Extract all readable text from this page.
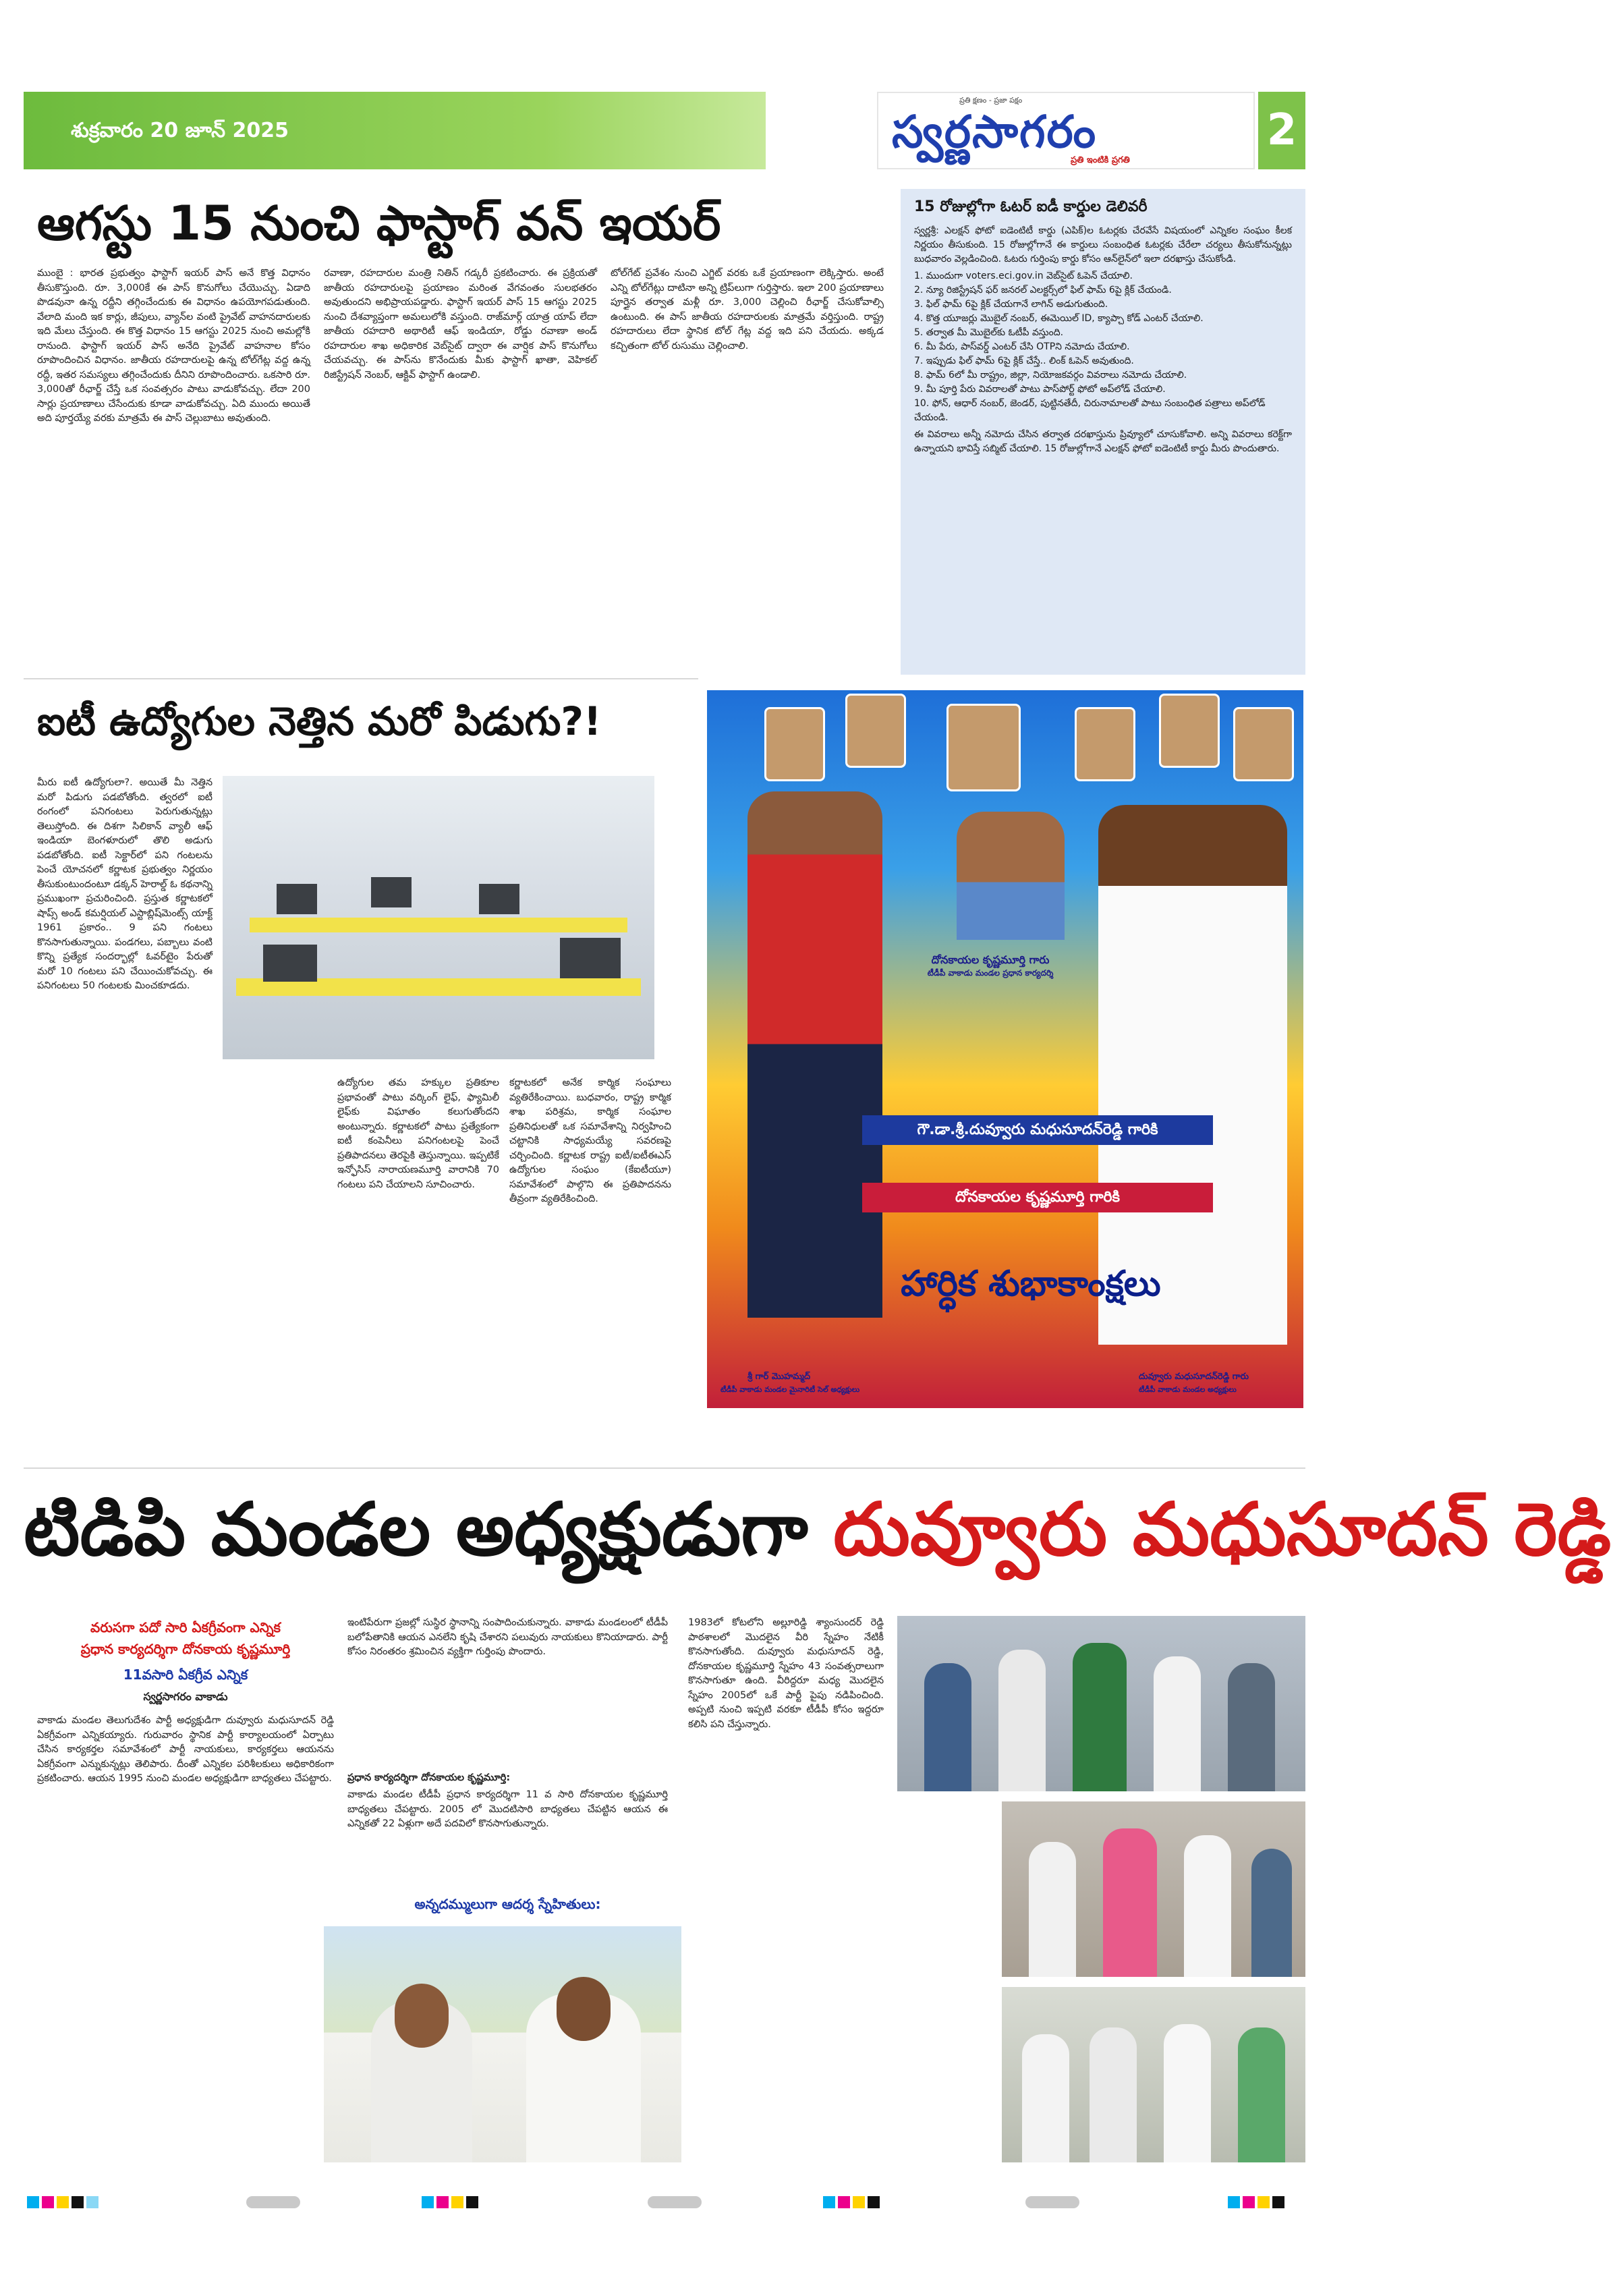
శుక్రవారం 20 జూన్ 2025
ప్రతి క్షణం - ప్రజా పక్షం
స్వర్ణసాగరం
ప్రతి ఇంటికి ప్రగతి
2
ఆగస్టు 15 నుంచి ఫాస్టాగ్ వన్ ఇయర్
ముంబై : భారత ప్రభుత్వం ఫాస్టాగ్ ఇయర్ పాస్ అనే కొత్త విధానం తీసుకొస్తుంది. రూ. 3,000కే ఈ పాస్ కొనుగోలు చేయొచ్చు. ఏడాది పొడవునా ఉన్న రద్దీని తగ్గించేందుకు ఈ విధానం ఉపయోగపడుతుంది. వేలాది మంది ఇక కార్లు, జీపులు, వ్యాన్‌ల వంటి ప్రైవేట్ వాహనదారులకు ఇది మేలు చేస్తుంది. ఈ కొత్త విధానం 15 ఆగస్టు 2025 నుంచి అమల్లోకి రానుంది. ఫాస్టాగ్ ఇయర్ పాస్ అనేది ప్రైవేట్ వాహనాల కోసం రూపొందించిన విధానం. జాతీయ రహదారులపై ఉన్న టోల్‌గేట్ల వద్ద ఉన్న రద్దీ, ఇతర సమస్యలు తగ్గించేందుకు దీనిని రూపొందించారు. ఒకసారి రూ. 3,000తో రీఛార్జ్ చేస్తే ఒక సంవత్సరం పాటు వాడుకోవచ్చు. లేదా 200 సార్లు ప్రయాణాలు చేసేందుకు కూడా వాడుకోవచ్చు. ఏది ముందు అయితే అది పూర్తయ్యే వరకు మాత్రమే ఈ పాస్ చెల్లుబాటు అవుతుంది.
రవాణా, రహదారుల మంత్రి నితిన్ గడ్కరీ ప్రకటించారు. ఈ ప్రక్రియతో జాతీయ రహదారులపై ప్రయాణం మరింత వేగవంతం సులభతరం అవుతుందని అభిప్రాయపడ్డారు. ఫాస్టాగ్ ఇయర్ పాస్ 15 ఆగస్టు 2025 నుంచి దేశవ్యాప్తంగా అమలులోకి వస్తుంది. రాజ్‌మార్గ్ యాత్ర యాప్ లేదా జాతీయ రహదారి అథారిటీ ఆఫ్ ఇండియా, రోడ్డు రవాణా అండ్ రహదారుల శాఖ అధికారిక వెబ్‌సైట్ ద్వారా ఈ వార్షిక పాస్ కొనుగోలు చేయవచ్చు. ఈ పాస్‌ను కొనేందుకు మీకు ఫాస్టాగ్ ఖాతా, వెహికల్ రిజిస్ట్రేషన్ నెంబర్, ఆక్టివ్ ఫాస్టాగ్ ఉండాలి.
టోల్‌గేట్ ప్రవేశం నుంచి ఎగ్జిట్ వరకు ఒకే ప్రయాణంగా లెక్కిస్తారు. అంటే ఎన్ని టోల్‌గేట్లు దాటినా అన్ని ట్రిప్‌లుగా గుర్తిస్తారు. ఇలా 200 ప్రయాణాలు పూర్తైన తర్వాత మళ్లీ రూ. 3,000 చెల్లించి రీఛార్జ్ చేసుకోవాల్సి ఉంటుంది. ఈ పాస్ జాతీయ రహదారులకు మాత్రమే వర్తిస్తుంది. రాష్ట్ర రహదారులు లేదా స్థానిక టోల్ గేట్ల వద్ద ఇది పని చేయదు. అక్కడ కచ్చితంగా టోల్ రుసుము చెల్లించాలి.
15 రోజుల్లోగా ఓటర్ ఐడీ కార్డుల డెలివరీ
స్వర్ణశ్రీ: ఎలక్షన్ ఫోటో ఐడెంటిటీ కార్డు (ఎపిక్)ల ఓటర్లకు చేరవేసే విషయంలో ఎన్నికల సంఘం కీలక నిర్ణయం తీసుకుంది. 15 రోజుల్లోగానే ఈ కార్డులు సంబంధిత ఓటర్లకు చేరేలా చర్యలు తీసుకోనున్నట్లు బుధవారం వెల్లడించింది. ఓటరు గుర్తింపు కార్డు కోసం ఆన్‌లైన్‌లో ఇలా దరఖాస్తు చేసుకోండి.
1. ముందుగా voters.eci.gov.in వెబ్‌సైట్ ఓపెన్ చేయాలి.
2. న్యూ రిజిస్ట్రేషన్ ఫర్ జనరల్ ఎలక్టర్స్‌లో ఫిల్ ఫామ్ 6పై క్లిక్ చేయండి.
3. ఫిల్ ఫామ్ 6పై క్లిక్ చేయగానే లాగిన్ అడుగుతుంది.
4. కొత్త యూజర్లు మొబైల్ నంబర్, ఈమెయిల్ ID, క్యాప్చా కోడ్ ఎంటర్ చేయాలి.
5. తర్వాత మీ మొబైల్‌కు ఓటీపీ వస్తుంది.
6. మీ పేరు, పాస్‌వర్డ్ ఎంటర్ చేసి OTPని నమోదు చేయాలి.
7. ఇప్పుడు ఫిల్ ఫామ్ 6పై క్లిక్ చేస్తే.. లింక్ ఓపెన్ అవుతుంది.
8. ఫామ్ 6లో మీ రాష్ట్రం, జిల్లా, నియోజకవర్గం వివరాలు నమోదు చేయాలి.
9. మీ పూర్తి పేరు వివరాలతో పాటు పాస్‌పోర్ట్ ఫోటో అప్‌లోడ్ చేయాలి.
10. ఫోన్, ఆధార్ నంబర్, జెండర్, పుట్టినతేదీ, చిరునామాలతో పాటు సంబంధిత పత్రాలు అప్‌లోడ్ చేయండి.
ఈ వివరాలు అన్నీ నమోదు చేసిన తర్వాత దరఖాస్తును ప్రివ్యూలో చూసుకోవాలి. అన్ని వివరాలు కరెక్ట్‌గా ఉన్నాయని భావిస్తే సబ్మిట్ చేయాలి. 15 రోజుల్లోగానే ఎలక్షన్ ఫోటో ఐడెంటిటీ కార్డు మీరు పొందుతారు.
ఐటీ ఉద్యోగుల నెత్తిన మరో పిడుగు?!
మీరు ఐటీ ఉద్యోగులా?. అయితే మీ నెత్తిన మరో పిడుగు పడబోతోంది. త్వరలో ఐటీ రంగంలో పనిగంటలు పెరుగుతున్నట్లు తెలుస్తోంది. ఈ దిశగా సిలికాన్ వ్యాలీ ఆఫ్ ఇండియా బెంగళూరులో తొలి అడుగు పడబోతోంది. ఐటీ సెక్టార్‌లో పని గంటలను పెంచే యోచనలో కర్ణాటక ప్రభుత్వం నిర్ణయం తీసుకుంటుందంటూ డక్కన్ హెరాల్డ్ ఓ కథనాన్ని ప్రముఖంగా ప్రచురించింది. ప్రస్తుత కర్ణాటకలో షాప్స్ అండ్ కమర్షియల్ ఎస్టాబ్లిష్‌మెంట్స్ యాక్ట్ 1961 ప్రకారం.. 9 పని గంటలు కొనసాగుతున్నాయి. పండగలు, పబ్బాలు వంటి కొన్ని ప్రత్యేక సందర్భాల్లో ఓవర్‌టైం పేరుతో మరో 10 గంటలు పని చేయించుకోవచ్చు. ఈ పనిగంటలు 50 గంటలకు మించకూడదు.
ఉద్యోగుల తమ హక్కుల ప్రతికూల ప్రభావంతో పాటు వర్కింగ్ లైఫ్, ఫ్యామిలీ లైఫ్‌కు విఘాతం కలుగుతోందని అంటున్నారు. కర్ణాటకలో పాటు ప్రత్యేకంగా ఐటీ కంపెనీలు పనిగంటలపై పెంచే ప్రతిపాదనలు తెరపైకి తెస్తున్నాయి. ఇప్పటికే ఇన్ఫోసిస్ నారాయణమూర్తి వారానికి 70 గంటలు పని చేయాలని సూచించారు.
కర్ణాటకలో అనేక కార్మిక సంఘాలు వ్యతిరేకించాయి. బుధవారం, రాష్ట్ర కార్మిక శాఖ పరిశ్రమ, కార్మిక సంఘాల ప్రతినిధులతో ఒక సమావేశాన్ని నిర్వహించి చట్టానికి సాధ్యమయ్యే సవరణపై చర్చించింది. కర్ణాటక రాష్ట్ర ఐటీ/ఐటీఈఎస్ ఉద్యోగుల సంఘం (కేఐటీయూ) సమావేశంలో పాల్గొని ఈ ప్రతిపాదనను తీవ్రంగా వ్యతిరేకించింది.
దోనకాయల కృష్ణమూర్తి గారు
టీడీపీ వాకాడు మండల ప్రధాన కార్యదర్శి
గౌ.డా.శ్రీ.దువ్వూరు మధుసూదన్‌రెడ్డి గారికి
దోనకాయల కృష్ణమూర్తి గారికి
హార్ధిక శుభాకాంక్షలు
శ్రీ గార్ మొహమ్మద్
టీడీపీ వాకాడు మండల మైనారిటీ సెల్ అధ్యక్షులు
దువ్వూరు మధుసూదన్‌రెడ్డి గారు
టీడీపీ వాకాడు మండల అధ్యక్షులు
టిడిపి మండల అధ్యక్షుడుగా దువ్వూరు మధుసూదన్ రెడ్డి
వరుసగా పదో సారి ఏకగ్రీవంగా ఎన్నిక
ప్రధాన కార్యదర్శిగా దోనకాయ కృష్ణమూర్తి
11వసారి ఏకగ్రీవ ఎన్నిక
స్వర్ణసాగరం వాకాడు
వాకాడు మండల తెలుగుదేశం పార్టీ అధ్యక్షుడిగా దువ్వూరు మధుసూదన్ రెడ్డి ఏకగ్రీవంగా ఎన్నికయ్యారు. గురువారం స్థానిక పార్టీ కార్యాలయంలో ఏర్పాటు చేసిన కార్యకర్తల సమావేశంలో పార్టీ నాయకులు, కార్యకర్తలు ఆయనను ఏకగ్రీవంగా ఎన్నుకున్నట్లు తెలిపారు. దీంతో ఎన్నికల పరిశీలకులు అధికారికంగా ప్రకటించారు. ఆయన 1995 నుంచి మండల అధ్యక్షుడిగా బాధ్యతలు చేపట్టారు.
ఇంటిపేరుగా ప్రజల్లో సుస్థిర స్థానాన్ని సంపాదించుకున్నారు. వాకాడు మండలంలో టీడీపీ బలోపేతానికి ఆయన ఎనలేని కృషి చేశారని పలువురు నాయకులు కొనియాడారు. పార్టీ కోసం నిరంతరం శ్రమించిన వ్యక్తిగా గుర్తింపు పొందారు.
ప్రధాన కార్యదర్శిగా దోనకాయల కృష్ణమూర్తి:
వాకాడు మండల టీడీపీ ప్రధాన కార్యదర్శిగా 11 వ సారి దోనకాయల కృష్ణమూర్తి బాధ్యతలు చేపట్టారు. 2005 లో మొదటిసారి బాధ్యతలు చేపట్టిన ఆయన ఈ ఎన్నికతో 22 ఏళ్లుగా అదే పదవిలో కొనసాగుతున్నారు.
అన్నదమ్ములుగా ఆదర్శ స్నేహితులు:
1983లో కోటలోని అల్లూరిడ్డి శ్యాంసుందర్ రెడ్డి పాఠశాలలో మొదలైన వీరి స్నేహం నేటికీ కొనసాగుతోంది. దువ్వూరు మధుసూదన్ రెడ్డి, దోనకాయల కృష్ణమూర్తి స్నేహం 43 సంవత్సరాలుగా కొనసాగుతూ ఉంది. వీరిద్దరూ మధ్య మొదలైన స్నేహం 2005లో ఒకే పార్టీ పైపు నడిపించింది. అప్పటి నుంచి ఇప్పటి వరకూ టీడీపీ కోసం ఇద్దరూ కలిసి పని చేస్తున్నారు.
